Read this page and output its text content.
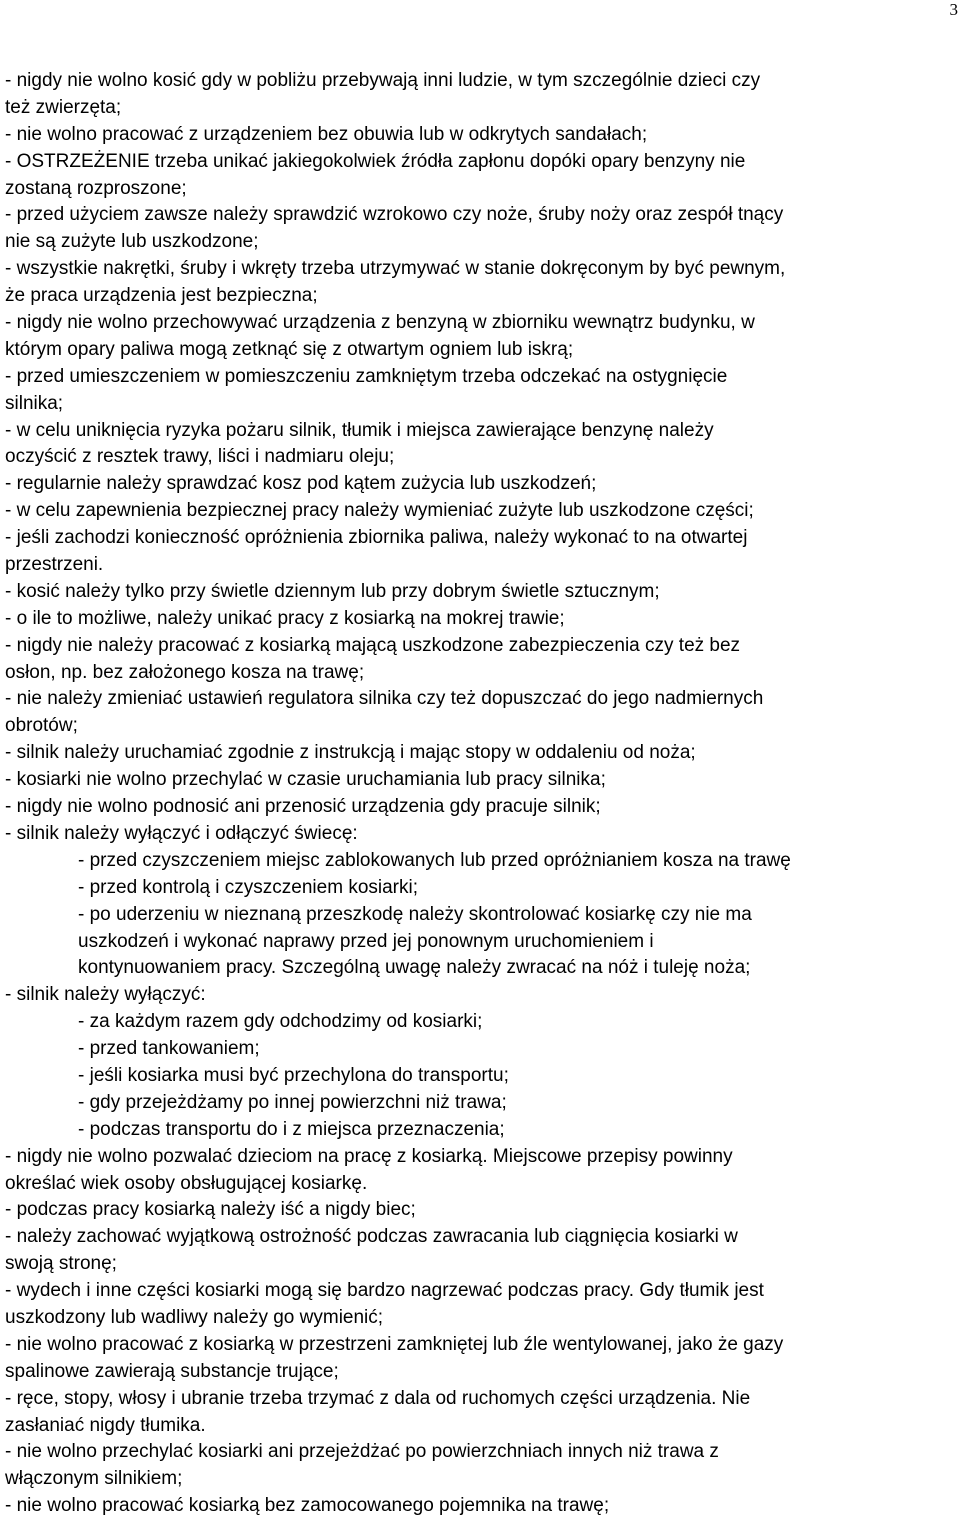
3
- nigdy nie wolno kosić gdy w pobliżu przebywają inni ludzie, w tym szczególnie dzieci czy
też zwierzęta;
- nie wolno pracować z urządzeniem bez obuwia lub w odkrytych sandałach;
- OSTRZEŻENIE trzeba unikać jakiegokolwiek źródła zapłonu dopóki opary benzyny nie
zostaną rozproszone;
- przed użyciem zawsze należy sprawdzić wzrokowo czy noże, śruby noży oraz zespół tnący
nie są zużyte lub uszkodzone;
- wszystkie nakrętki, śruby i wkręty trzeba utrzymywać w stanie dokręconym by być pewnym,
że praca urządzenia jest bezpieczna;
- nigdy nie wolno przechowywać urządzenia z benzyną w zbiorniku wewnątrz budynku, w
którym opary paliwa mogą zetknąć się z otwartym ogniem lub iskrą;
- przed umieszczeniem w pomieszczeniu zamkniętym trzeba odczekać na ostygnięcie
silnika;
- w celu uniknięcia ryzyka pożaru silnik, tłumik i miejsca zawierające benzynę należy
oczyścić z resztek trawy, liści i nadmiaru oleju;
- regularnie należy sprawdzać kosz pod kątem zużycia lub uszkodzeń;
- w celu zapewnienia bezpiecznej pracy należy wymieniać zużyte lub uszkodzone części;
- jeśli zachodzi konieczność opróżnienia zbiornika paliwa, należy wykonać to na otwartej
przestrzeni.
- kosić należy tylko przy świetle dziennym lub przy dobrym świetle sztucznym;
- o ile to możliwe, należy unikać pracy z kosiarką na mokrej trawie;
- nigdy nie należy pracować z kosiarką mającą uszkodzone zabezpieczenia czy też bez
osłon, np. bez założonego kosza na trawę;
- nie należy zmieniać ustawień regulatora silnika czy też dopuszczać do jego nadmiernych
obrotów;
- silnik należy uruchamiać zgodnie z instrukcją i mając stopy w oddaleniu od noża;
- kosiarki nie wolno przechylać w czasie uruchamiania lub pracy silnika;
- nigdy nie wolno podnosić ani przenosić urządzenia gdy pracuje silnik;
- silnik należy wyłączyć i odłączyć świecę:
- przed czyszczeniem miejsc zablokowanych lub przed opróżnianiem kosza na trawę
- przed kontrolą i czyszczeniem kosiarki;
- po uderzeniu w nieznaną przeszkodę należy skontrolować kosiarkę czy nie ma
uszkodzeń i wykonać naprawy przed jej ponownym uruchomieniem i
kontynuowaniem pracy. Szczególną uwagę należy zwracać na nóż i tuleję noża;
- silnik należy wyłączyć:
- za każdym razem gdy odchodzimy od kosiarki;
- przed tankowaniem;
- jeśli kosiarka musi być przechylona do transportu;
- gdy przejeżdżamy po innej powierzchni niż trawa;
- podczas transportu do i z miejsca przeznaczenia;
- nigdy nie wolno pozwalać dzieciom na pracę z kosiarką. Miejscowe przepisy powinny
określać wiek osoby obsługującej kosiarkę.
- podczas pracy kosiarką należy iść a nigdy biec;
- należy zachować wyjątkową ostrożność podczas zawracania lub ciągnięcia kosiarki w
swoją stronę;
- wydech i inne części kosiarki mogą się bardzo nagrzewać podczas pracy. Gdy tłumik jest
uszkodzony lub wadliwy należy go wymienić;
- nie wolno pracować z kosiarką w przestrzeni zamkniętej lub źle wentylowanej, jako że gazy
spalinowe zawierają substancje trujące;
- ręce, stopy, włosy i ubranie trzeba trzymać z dala od ruchomych części urządzenia. Nie
zasłaniać nigdy tłumika.
- nie wolno przechylać kosiarki ani przejeżdżać po powierzchniach innych niż trawa z
włączonym silnikiem;
- nie wolno pracować kosiarką bez zamocowanego pojemnika na trawę;
